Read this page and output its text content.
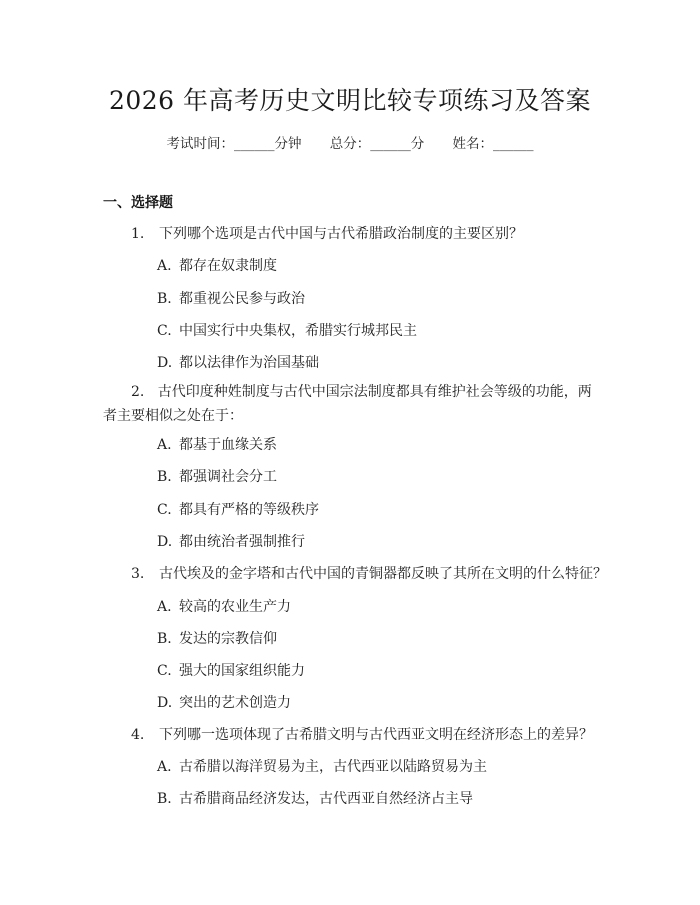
2026 年高考历史文明比较专项练习及答案
考试时间：______分钟 总分：______分 姓名：______
一、选择题
1. 下列哪个选项是古代中国与古代希腊政治制度的主要区别？
A. 都存在奴隶制度
B. 都重视公民参与政治
C. 中国实行中央集权，希腊实行城邦民主
D. 都以法律作为治国基础
2. 古代印度种姓制度与古代中国宗法制度都具有维护社会等级的功能，两者主要相似之处在于：
A. 都基于血缘关系
B. 都强调社会分工
C. 都具有严格的等级秩序
D. 都由统治者强制推行
3. 古代埃及的金字塔和古代中国的青铜器都反映了其所在文明的什么特征？
A. 较高的农业生产力
B. 发达的宗教信仰
C. 强大的国家组织能力
D. 突出的艺术创造力
4. 下列哪一选项体现了古希腊文明与古代西亚文明在经济形态上的差异？
A. 古希腊以海洋贸易为主，古代西亚以陆路贸易为主
B. 古希腊商品经济发达，古代西亚自然经济占主导
